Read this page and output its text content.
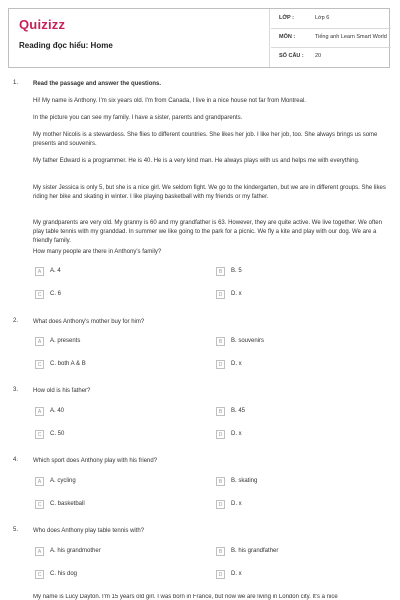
Quizizz
Reading đọc hiểu: Home
LỚP :	Lớp 6
MÔN :	Tiếng anh Learn Smart World
SỐ CÂU : 20
1. Read the passage and answer the questions.
Hi! My name is Anthony. I'm six years old. I'm from Canada, I live in a nice house not far from Montreal.
In the picture you can see my family. I have a sister, parents and grandparents.
My mother Nicolis is a stewardess. She flies to different countries. She likes her job. I like her job, too. She always brings us some presents and souvenirs.
My father Edward is a programmer. He is 40. He is a very kind man. He always plays with us and helps me with everything.
My sister Jessica is only 5, but she is a nice girl. We seldom fight. We go to the kindergarten, but we are in different groups. She likes riding her bike and skating in winter. I like playing basketball with my friends or my father.
My grandparents are very old. My granny is 60 and my grandfather is 63. However, they are quite active. We live together. We often play table tennis with my granddad. In summer we like going to the park for a picnic. We fly a kite and play with our dog. We are a friendly family.
How many people are there in Anthony's family?
A	A. 4	B	B. 5
C	C. 6	D	D. x
2. What does Anthony's mother buy for him?
A	A. presents	B	B. souvenirs
C	C. both A & B	D	D. x
3. How old is his father?
A	A. 40	B	B. 45
C	C. 50	D	D. x
4. Which sport does Anthony play with his friend?
A	A. cycling	B	B. skating
C	C. basketball	D	D. x
5. Who does Anthony play table tennis with?
A	A. his grandmother	B	B. his grandfather
C	C. his dog	D	D. x
My name is Lucy Dayton. I'm 15 years old girl. I was born in France, but now we are living in London city. It's a nice
